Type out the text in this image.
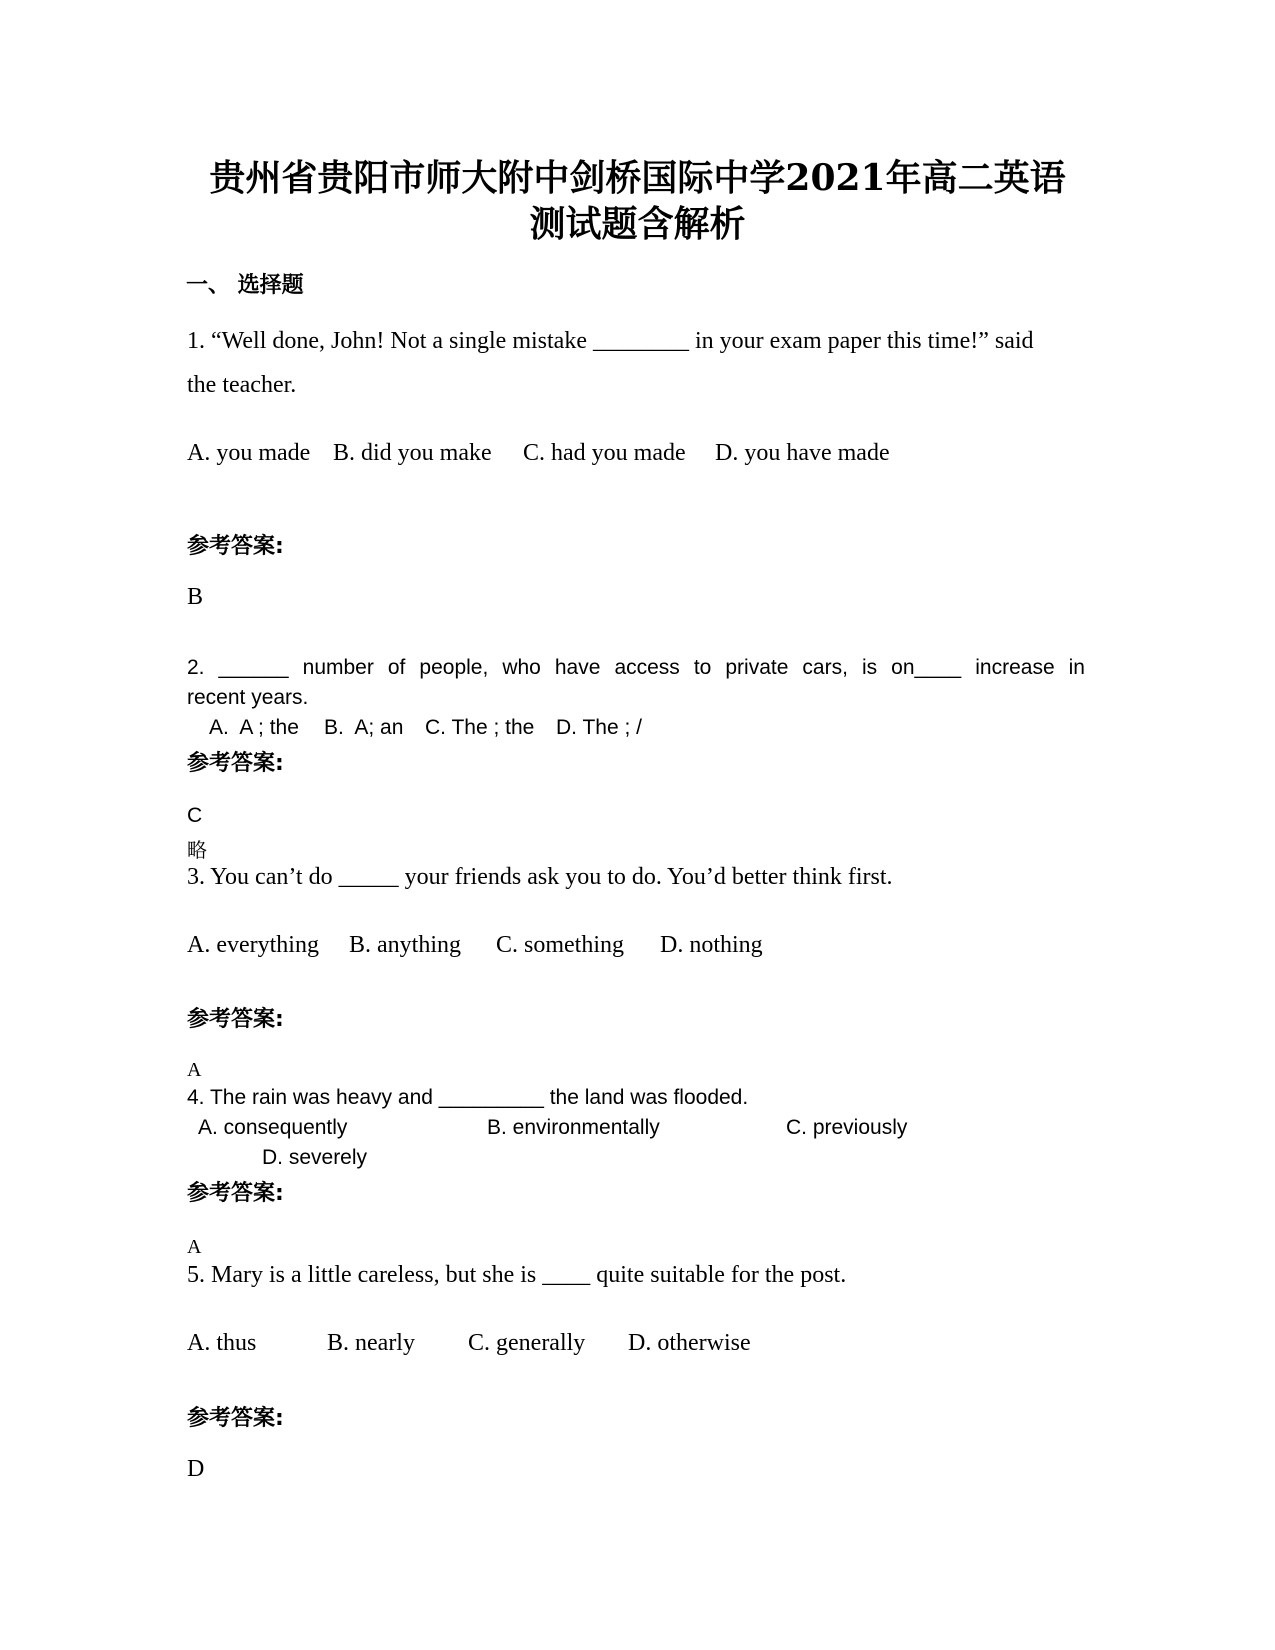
贵州省贵阳市师大附中剑桥国际中学2021年高二英语
测试题含解析
一、 选择题
1. “Well done, John! Not a single mistake ________ in your exam paper this time!” said
the teacher.
A. you made B. did you make C. had you made D. you have made
参考答案:
B
2. ______ number of people, who have access to private cars, is on____ increase in
recent years.
A.  A ; the B.  A; an C. The ; the D. The ; /
参考答案:
C
略
3. You can’t do _____ your friends ask you to do. You’d better think first.
A. everything B. anything C. something D. nothing
参考答案:
A
4. The rain was heavy and _________ the land was flooded.
A. consequently	B. environmentally	C. previously
D. severely
参考答案:
A
5. Mary is a little careless, but she is ____ quite suitable for the post.
A. thus	B. nearly C. generally D. otherwise
参考答案:
D
